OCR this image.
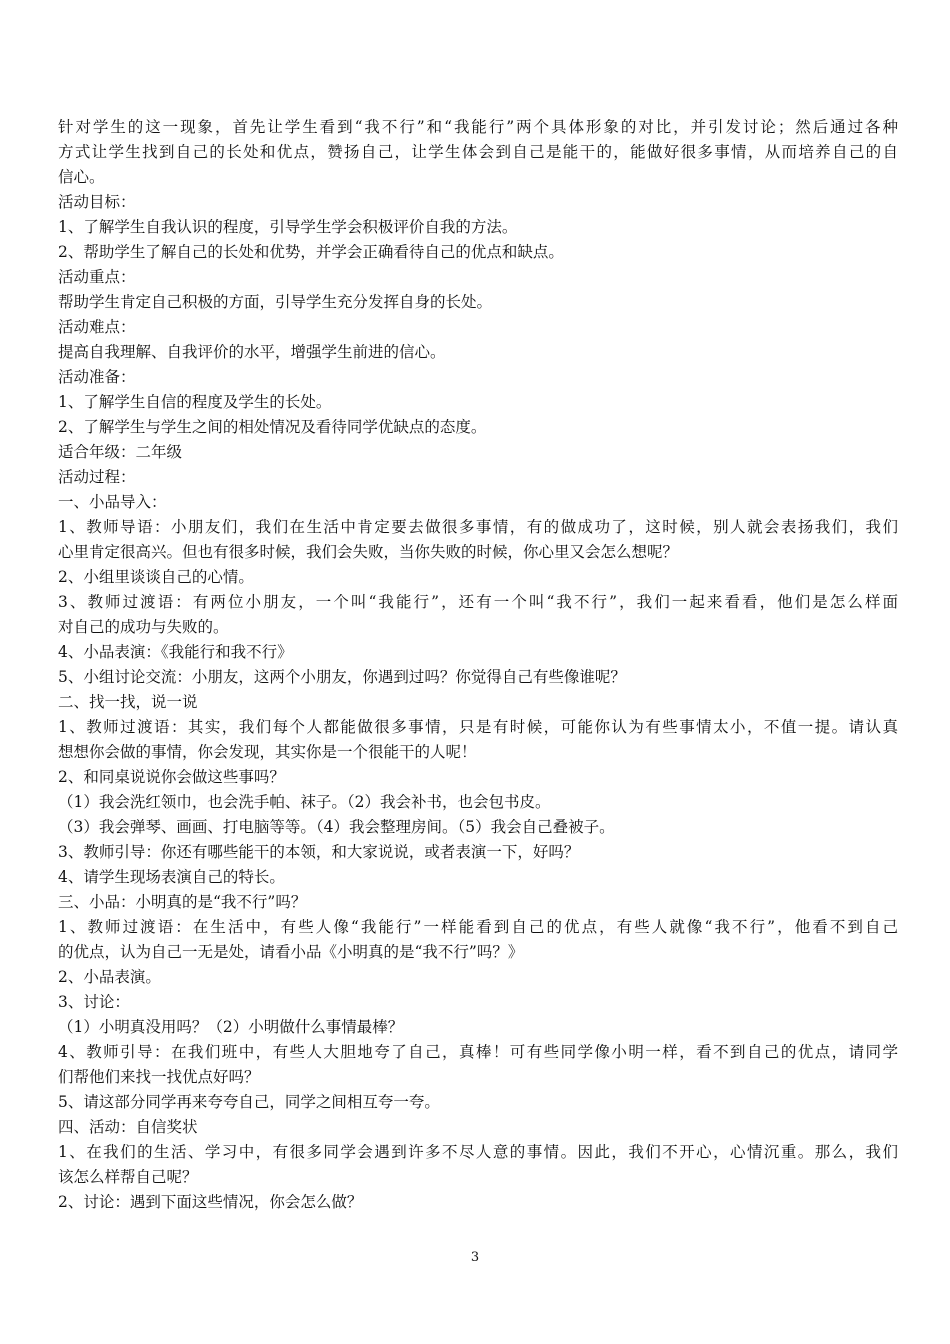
针对学生的这一现象，首先让学生看到“我不行”和“我能行”两个具体形象的对比，并引发讨论；然后通过各种

方式让学生找到自己的长处和优点，赞扬自己，让学生体会到自己是能干的，能做好很多事情，从而培养自己的自

信心。

活动目标：

1、了解学生自我认识的程度，引导学生学会积极评价自我的方法。

2、帮助学生了解自己的长处和优势，并学会正确看待自己的优点和缺点。

活动重点：

帮助学生肯定自己积极的方面，引导学生充分发挥自身的长处。

活动难点：

提高自我理解、自我评价的水平，增强学生前进的信心。

活动准备：

1、了解学生自信的程度及学生的长处。

2、了解学生与学生之间的相处情况及看待同学优缺点的态度。

适合年级：二年级

活动过程：

一、小品导入：

1、教师导语：小朋友们，我们在生活中肯定要去做很多事情，有的做成功了，这时候，别人就会表扬我们，我们

心里肯定很高兴。但也有很多时候，我们会失败，当你失败的时候，你心里又会怎么想呢？

2、小组里谈谈自己的心情。

3、教师过渡语：有两位小朋友，一个叫“我能行”，还有一个叫“我不行”，我们一起来看看，他们是怎么样面

对自己的成功与失败的。

4、小品表演：《我能行和我不行》

5、小组讨论交流：小朋友，这两个小朋友，你遇到过吗？你觉得自己有些像谁呢？

二、找一找，说一说

1、教师过渡语：其实，我们每个人都能做很多事情，只是有时候，可能你认为有些事情太小，不值一提。请认真

想想你会做的事情，你会发现，其实你是一个很能干的人呢！

2、和同桌说说你会做这些事吗？

（1）我会洗红领巾，也会洗手帕、袜子。（2）我会补书，也会包书皮。

（3）我会弹琴、画画、打电脑等等。（4）我会整理房间。（5）我会自己叠被子。

3、教师引导：你还有哪些能干的本领，和大家说说，或者表演一下，好吗？

4、请学生现场表演自己的特长。

三、小品：小明真的是“我不行”吗？

1、教师过渡语：在生活中，有些人像“我能行”一样能看到自己的优点，有些人就像“我不行”，他看不到自己

的优点，认为自己一无是处，请看小品《小明真的是“我不行”吗？》

2、小品表演。

3、讨论：

（1）小明真没用吗？（2）小明做什么事情最棒？

4、教师引导：在我们班中，有些人大胆地夸了自己，真棒！可有些同学像小明一样，看不到自己的优点，请同学

们帮他们来找一找优点好吗？

5、请这部分同学再来夸夸自己，同学之间相互夸一夸。

四、活动：自信奖状

1、在我们的生活、学习中，有很多同学会遇到许多不尽人意的事情。因此，我们不开心，心情沉重。那么，我们

该怎么样帮自己呢？

2、讨论：遇到下面这些情况，你会怎么做？

3
